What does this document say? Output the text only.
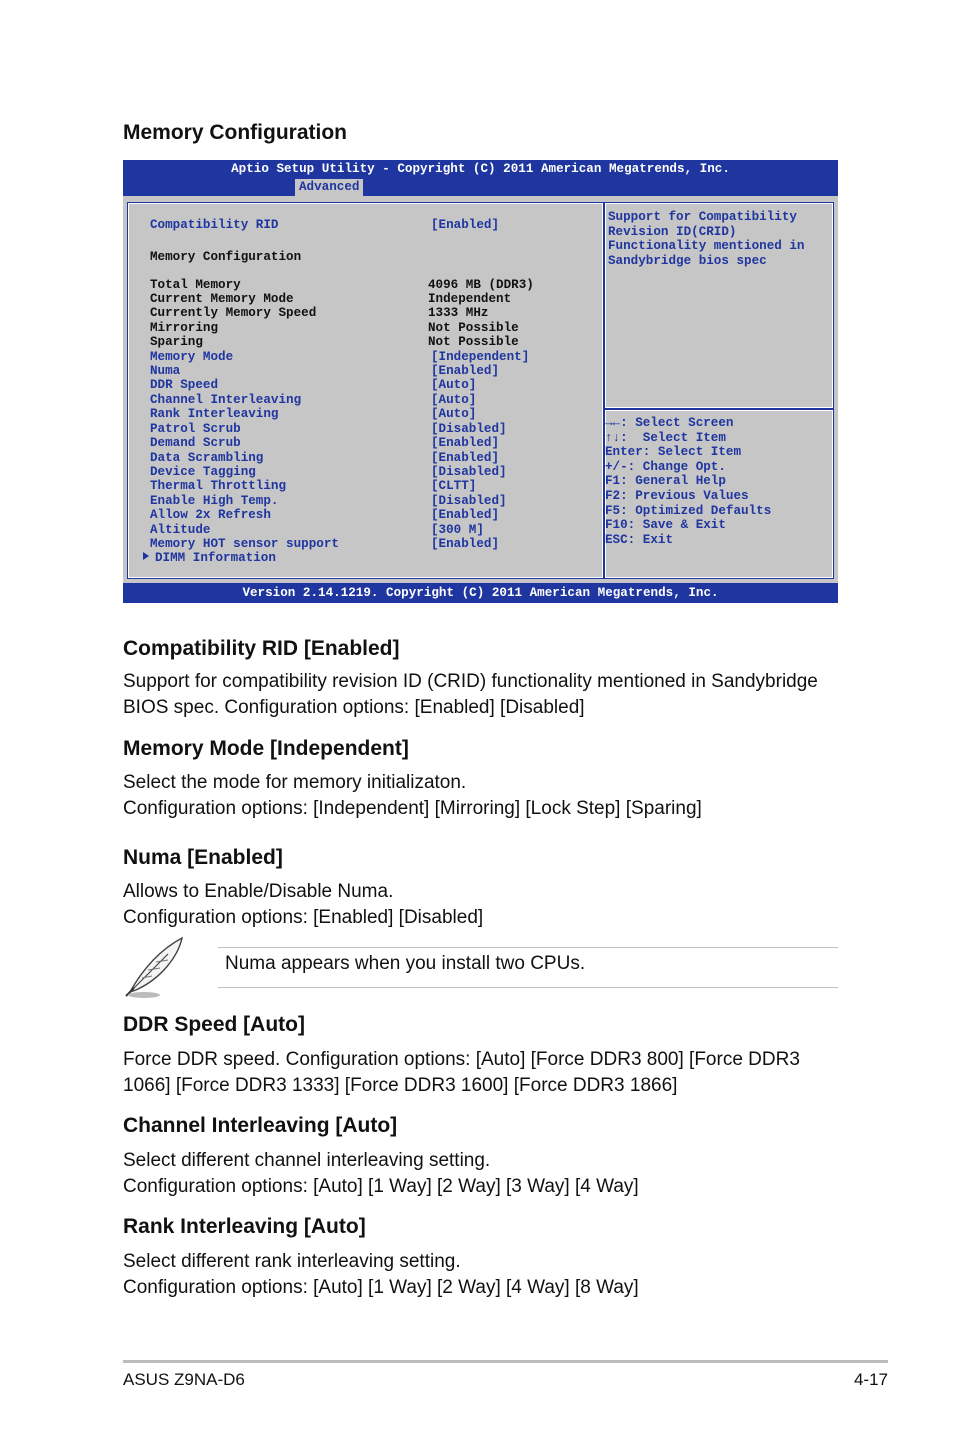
Memory Configuration
Aptio Setup Utility - Copyright (C) 2011 American Megatrends, Inc.
Advanced
Compatibility RID	[Enabled]
Memory Configuration
Total Memory	4096 MB (DDR3)
Current Memory Mode	Independent
Currently Memory Speed	1333 MHz
Mirroring	Not Possible
Sparing	Not Possible
Memory Mode	[Independent]
Numa	[Enabled]
DDR Speed	[Auto]
Channel Interleaving	[Auto]
Rank Interleaving	[Auto]
Patrol Scrub	[Disabled]
Demand Scrub	[Enabled]
Data Scrambling	[Enabled]
Device Tagging	[Disabled]
Thermal Throttling	[CLTT]
Enable High Temp.	[Disabled]
Allow 2x Refresh	[Enabled]
Altitude	[300 M]
Memory HOT sensor support	[Enabled]
DIMM Information
Support for Compatibility
Revision ID(CRID)
Functionality mentioned in
Sandybridge bios spec
→←: Select Screen
↑↓:  Select Item
Enter: Select Item
+/-: Change Opt.
F1: General Help
F2: Previous Values
F5: Optimized Defaults
F10: Save & Exit
ESC: Exit
Version 2.14.1219. Copyright (C) 2011 American Megatrends, Inc.
Compatibility RID [Enabled]

Support for compatibility revision ID (CRID) functionality mentioned in Sandybridge
BIOS spec. Configuration options: [Enabled] [Disabled]

Memory Mode [Independent]

Select the mode for memory initializaton.
Configuration options: [Independent] [Mirroring] [Lock Step] [Sparing]

Numa [Enabled]

Allows to Enable/Disable Numa.
Configuration options: [Enabled] [Disabled]

Numa appears when you install two CPUs.
DDR Speed [Auto]

Force DDR speed. Configuration options: [Auto] [Force DDR3 800] [Force DDR3
1066] [Force DDR3 1333] [Force DDR3 1600] [Force DDR3 1866]

Channel Interleaving [Auto]

Select different channel interleaving setting.
Configuration options: [Auto] [1 Way] [2 Way] [3 Way] [4 Way]

Rank Interleaving [Auto]

Select different rank interleaving setting.
Configuration options: [Auto] [1 Way] [2 Way] [4 Way] [8 Way]

ASUS Z9NA-D6	4-17
